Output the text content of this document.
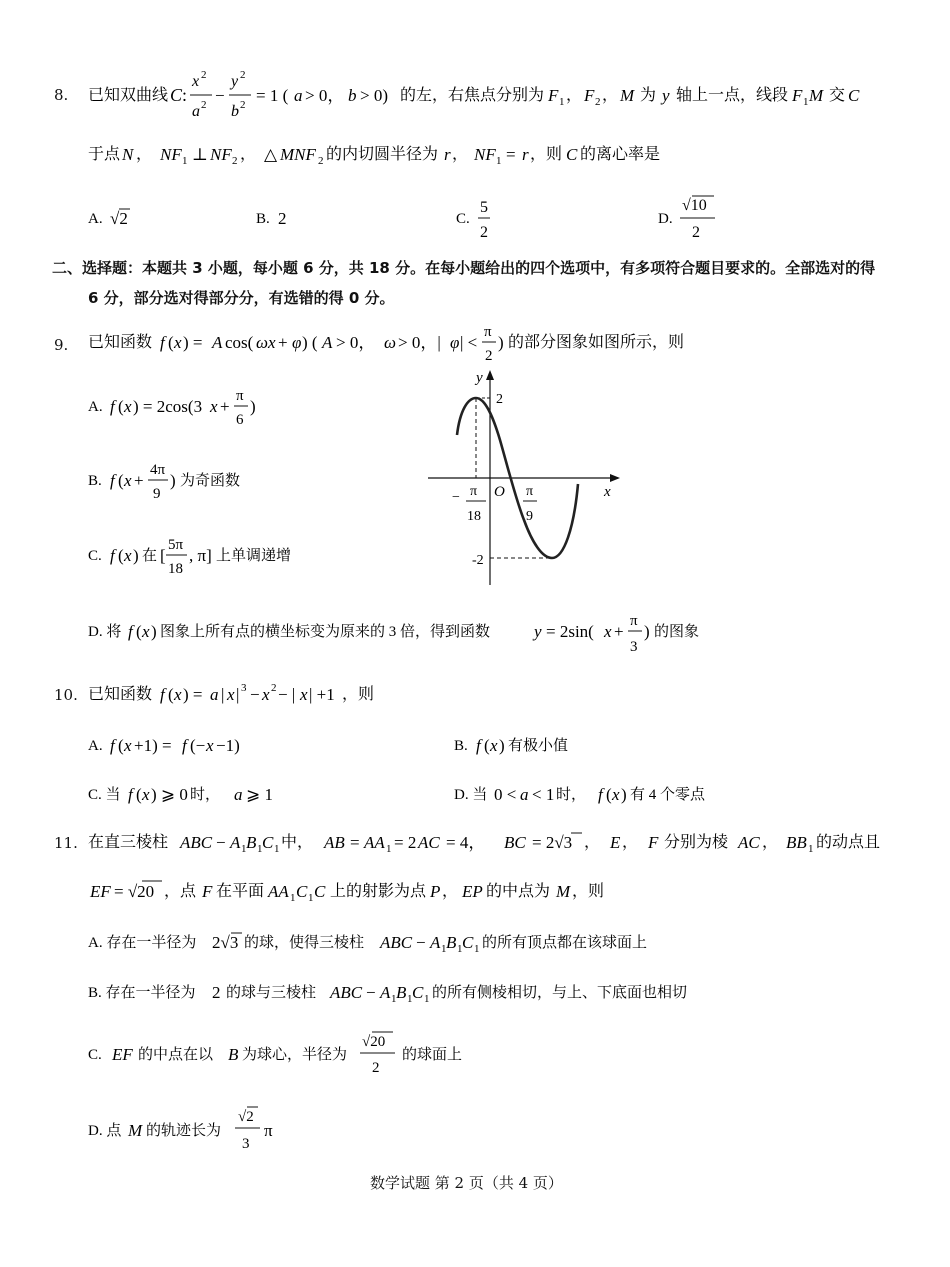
8. 已知双曲线 C :
x 2
a 2 −
y 2
b 2 = 1 ( a > 0， b > 0) 的左，右焦点分别为 F 1 ， F 2 ， M 为 y 轴上一点，线段 F 1 M 交 C
于点 N ， NF 1 ⊥ NF 2 ， △ MNF 2 的内切圆半径为 r ， NF 1 = r ，则 C 的离心率是
A. √2	B. 2	C.
5
2
D.
√10
2
二、选择题：本题共 3 小题，每小题 6 分，共 18 分。在每小题给出的四个选项中，有多项符合题目要求的。全部选对的得
6 分，部分选对得部分分，有选错的得 0 分。
9. 已知函数 f ( x ) = A cos( ωx + φ ) ( A > 0， ω > 0，| φ | <
π
2
) 的部分图象如图所示，则
A. f ( x ) = 2cos(3 x +
π
6
)
B. f ( x +
4π
9
) 为奇函数
C. f ( x ) 在 [
5π
18
, π] 上单调递增
D. 将 f ( x ) 图象上所有点的横坐标变为原来的 3 倍，得到函数	y = 2sin( x +
π
3
) 的图象
y
x
O
2
-2
− π
18
π
9
10. 已知函数 f ( x ) = a | x | 3 − x 2 − | x | +1 ，则
A. f ( x +1) = f (− x −1)	B. f ( x ) 有极小值
C. 当 f ( x ) ⩾ 0 时， a ⩾ 1	D. 当 0 < a < 1 时， f ( x ) 有 4 个零点
11. 在直三棱柱 ABC − A 1 B 1 C 1 中， AB = AA 1 = 2 AC = 4， BC = 2√3 ， E ， F 分别为棱 AC ， BB 1 的动点且
EF = √20 ，点 F 在平面 AA 1 C 1 C 上的射影为点 P ， EP 的中点为 M ，则
A. 存在一半径为 2√3 的球，使得三棱柱 ABC − A 1 B 1 C 1 的所有顶点都在该球面上
B. 存在一半径为 2 的球与三棱柱 ABC − A 1 B 1 C 1 的所有侧棱相切，与上、下底面也相切
C. EF 的中点在以 B 为球心，半径为
√20
2
的球面上
D. 点 M 的轨迹长为
√2
3
π
数学试题 第 2 页（共 4 页）
